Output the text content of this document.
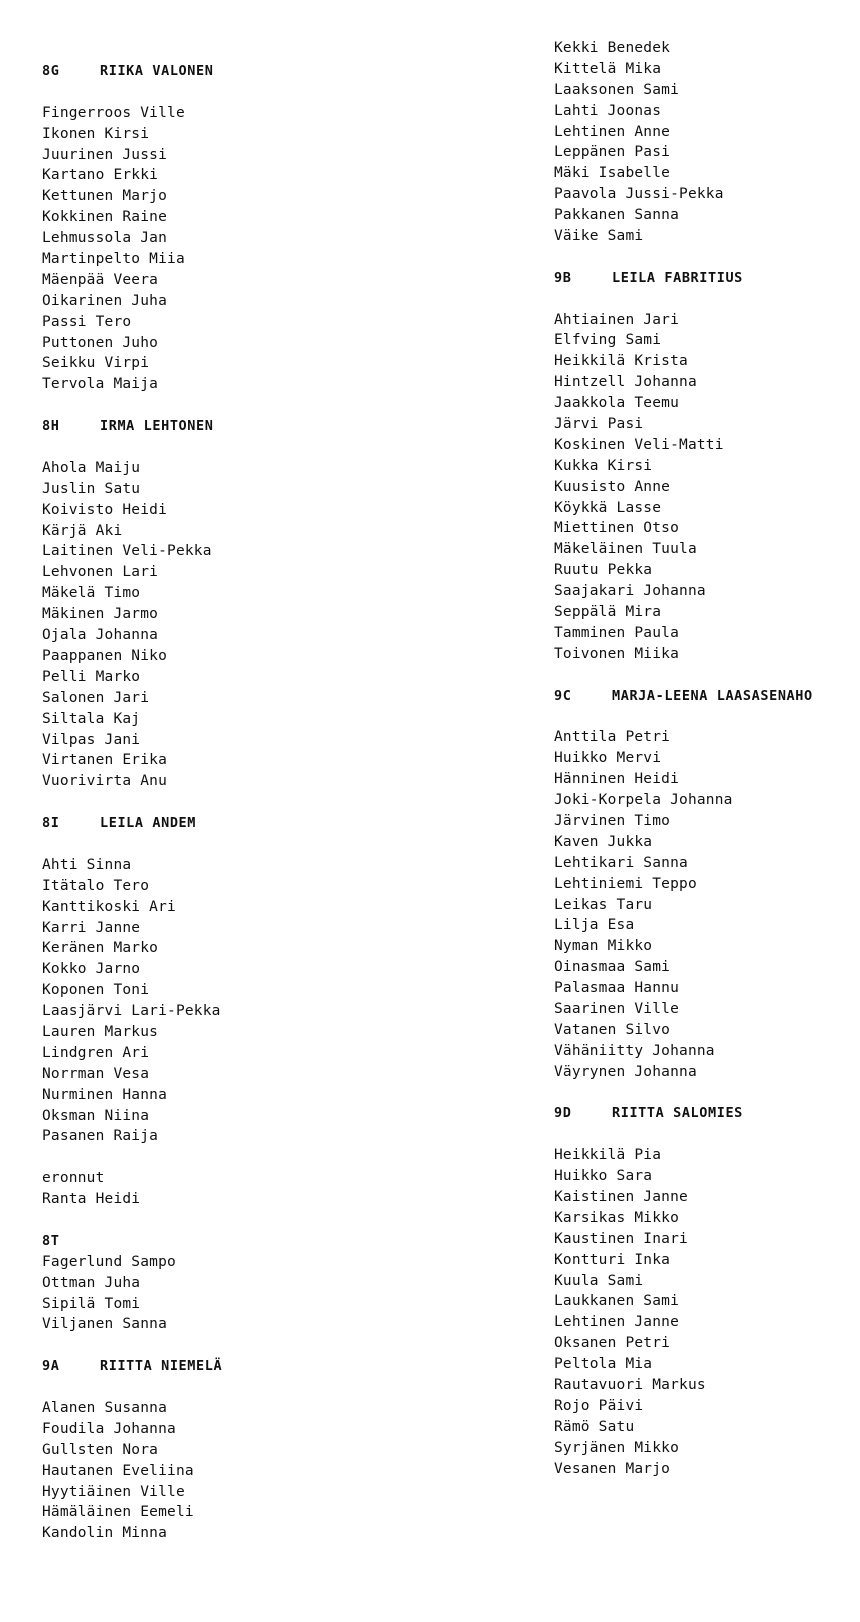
8G	RIIKA VALONEN
Fingerroos Ville
Ikonen Kirsi
Juurinen Jussi
Kartano Erkki
Kettunen Marjo
Kokkinen Raine
Lehmussola Jan
Martinpelto Miia
Mäenpää Veera
Oikarinen Juha
Passi Tero
Puttonen Juho
Seikku Virpi
Tervola Maija
8H	IRMA LEHTONEN
Ahola Maiju
Juslin Satu
Koivisto Heidi
Kärjä Aki
Laitinen Veli-Pekka
Lehvonen Lari
Mäkelä Timo
Mäkinen Jarmo
Ojala Johanna
Paappanen Niko
Pelli Marko
Salonen Jari
Siltala Kaj
Vilpas Jani
Virtanen Erika
Vuorivirta Anu
8I	LEILA ANDEM
Ahti Sinna
Itätalo Tero
Kanttikoski Ari
Karri Janne
Keränen Marko
Kokko Jarno
Koponen Toni
Laasjärvi Lari-Pekka
Lauren Markus
Lindgren Ari
Norrman Vesa
Nurminen Hanna
Oksman Niina
Pasanen Raija
eronnut
Ranta Heidi
8T
Fagerlund Sampo
Ottman Juha
Sipilä Tomi
Viljanen Sanna
9A	RIITTA NIEMELÄ
Alanen Susanna
Foudila Johanna
Gullsten Nora
Hautanen Eveliina
Hyytiäinen Ville
Hämäläinen Eemeli
Kandolin Minna
Kekki Benedek
Kittelä Mika
Laaksonen Sami
Lahti Joonas
Lehtinen Anne
Leppänen Pasi
Mäki Isabelle
Paavola Jussi-Pekka
Pakkanen Sanna
Väike Sami
9B	LEILA FABRITIUS
Ahtiainen Jari
Elfving Sami
Heikkilä Krista
Hintzell Johanna
Jaakkola Teemu
Järvi Pasi
Koskinen Veli-Matti
Kukka Kirsi
Kuusisto Anne
Köykkä Lasse
Miettinen Otso
Mäkeläinen Tuula
Ruutu Pekka
Saajakari Johanna
Seppälä Mira
Tamminen Paula
Toivonen Miika
9C	MARJA-LEENA LAASASENAHO
Anttila Petri
Huikko Mervi
Hänninen Heidi
Joki-Korpela Johanna
Järvinen Timo
Kaven Jukka
Lehtikari Sanna
Lehtiniemi Teppo
Leikas Taru
Lilja Esa
Nyman Mikko
Oinasmaa Sami
Palasmaa Hannu
Saarinen Ville
Vatanen Silvo
Vähäniitty Johanna
Väyrynen Johanna
9D	RIITTA SALOMIES
Heikkilä Pia
Huikko Sara
Kaistinen Janne
Karsikas Mikko
Kaustinen Inari
Kontturi Inka
Kuula Sami
Laukkanen Sami
Lehtinen Janne
Oksanen Petri
Peltola Mia
Rautavuori Markus
Rojo Päivi
Rämö Satu
Syrjänen Mikko
Vesanen Marjo
